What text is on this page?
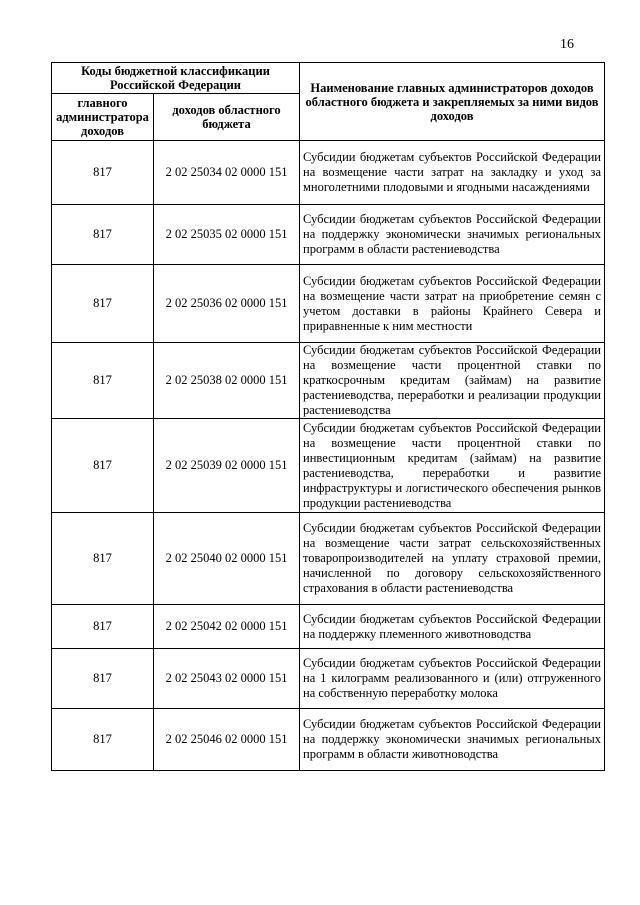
16
Коды бюджетной классификации Российской Федерации		Наименование главных администраторов доходов областного бюджета и закрепляемых за ними видов доходов
главного администратора доходов	доходов областного бюджета	
817	2 02 25034 02 0000 151	Субсидии бюджетам субъектов Российской Федерации на возмещение части затрат на закладку и уход за многолетними плодовыми и ягодными насаждениями
817	2 02 25035 02 0000 151	Субсидии бюджетам субъектов Российской Федерации на поддержку экономически значимых региональных программ в области растениеводства
817	2 02 25036 02 0000 151	Субсидии бюджетам субъектов Российской Федерации на возмещение части затрат на приобретение семян с учетом доставки в районы Крайнего Севера и приравненные к ним местности
817	2 02 25038 02 0000 151	Субсидии бюджетам субъектов Российской Федерации на возмещение части процентной ставки по краткосрочным кредитам (займам) на развитие растениеводства, переработки и реализации продукции растениеводства
817	2 02 25039 02 0000 151	Субсидии бюджетам субъектов Российской Федерации на возмещение части процентной ставки по инвестиционным кредитам (займам) на развитие растениеводства, переработки и развитие инфраструктуры и логистического обеспечения рынков продукции растениеводства
817	2 02 25040 02 0000 151	Субсидии бюджетам субъектов Российской Федерации на возмещение части затрат сельскохозяйственных товаропроизводителей на уплату страховой премии, начисленной по договору сельскохозяйственного страхования в области растениеводства
817	2 02 25042 02 0000 151	Субсидии бюджетам субъектов Российской Федерации на поддержку племенного животноводства
817	2 02 25043 02 0000 151	Субсидии бюджетам субъектов Российской Федерации на 1 килограмм реализованного и (или) отгруженного на собственную переработку молока
817	2 02 25046 02 0000 151	Субсидии бюджетам субъектов Российской Федерации на поддержку экономически значимых региональных программ в области животноводства
